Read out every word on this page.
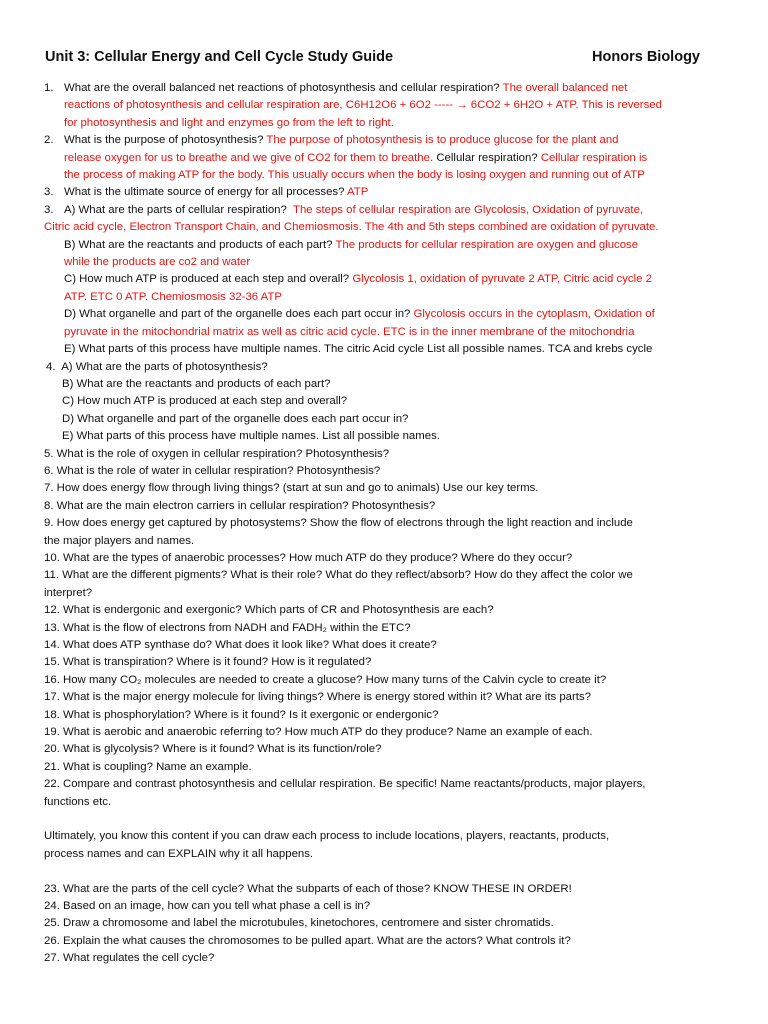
Unit 3: Cellular Energy and Cell Cycle Study Guide	Honors Biology
1. What are the overall balanced net reactions of photosynthesis and cellular respiration? The overall balanced net
reactions of photosynthesis and cellular respiration are, C6H12O6 + 6O2 ----- → 6CO2 + 6H2O + ATP. This is reversed
for photosynthesis and light and enzymes go from the left to right.
2. What is the purpose of photosynthesis? The purpose of photosynthesis is to produce glucose for the plant and
release oxygen for us to breathe and we give of CO2 for them to breathe. Cellular respiration? Cellular respiration is
the process of making ATP for the body. This usually occurs when the body is losing oxygen and running out of ATP
3. What is the ultimate source of energy for all processes? ATP
3. A) What are the parts of cellular respiration? The steps of cellular respiration are Glycolosis, Oxidation of pyruvate,
Citric acid cycle, Electron Transport Chain, and Chemiosmosis. The 4th and 5th steps combined are oxidation of pyruvate.
B) What are the reactants and products of each part? The products for cellular respiration are oxygen and glucose
while the products are co2 and water
C) How much ATP is produced at each step and overall? Glycolosis 1, oxidation of pyruvate 2 ATP, Citric acid cycle 2
ATP. ETC 0 ATP. Chemiosmosis 32-36 ATP
D) What organelle and part of the organelle does each part occur in? Glycolosis occurs in the cytoplasm, Oxidation of
pyruvate in the mitochondrial matrix as well as citric acid cycle. ETC is in the inner membrane of the mitochondria
E) What parts of this process have multiple names. The citric Acid cycle List all possible names. TCA and krebs cycle
4. A) What are the parts of photosynthesis?
B) What are the reactants and products of each part?
C) How much ATP is produced at each step and overall?
D) What organelle and part of the organelle does each part occur in?
E) What parts of this process have multiple names. List all possible names.
5. What is the role of oxygen in cellular respiration? Photosynthesis?
6. What is the role of water in cellular respiration? Photosynthesis?
7. How does energy flow through living things? (start at sun and go to animals) Use our key terms.
8. What are the main electron carriers in cellular respiration? Photosynthesis?
9. How does energy get captured by photosystems? Show the flow of electrons through the light reaction and include
the major players and names.
10. What are the types of anaerobic processes? How much ATP do they produce? Where do they occur?
11. What are the different pigments? What is their role? What do they reflect/absorb? How do they affect the color we
interpret?
12. What is endergonic and exergonic? Which parts of CR and Photosynthesis are each?
13. What is the flow of electrons from NADH and FADH₂ within the ETC?
14. What does ATP synthase do? What does it look like? What does it create?
15. What is transpiration? Where is it found? How is it regulated?
16. How many CO₂ molecules are needed to create a glucose? How many turns of the Calvin cycle to create it?
17. What is the major energy molecule for living things? Where is energy stored within it? What are its parts?
18. What is phosphorylation? Where is it found? Is it exergonic or endergonic?
19. What is aerobic and anaerobic referring to? How much ATP do they produce? Name an example of each.
20. What is glycolysis? Where is it found? What is its function/role?
21. What is coupling? Name an example.
22. Compare and contrast photosynthesis and cellular respiration. Be specific! Name reactants/products, major players,
functions etc.
Ultimately, you know this content if you can draw each process to include locations, players, reactants, products,
process names and can EXPLAIN why it all happens.
23. What are the parts of the cell cycle? What the subparts of each of those? KNOW THESE IN ORDER!
24. Based on an image, how can you tell what phase a cell is in?
25. Draw a chromosome and label the microtubules, kinetochores, centromere and sister chromatids.
26. Explain the what causes the chromosomes to be pulled apart. What are the actors? What controls it?
27. What regulates the cell cycle?
